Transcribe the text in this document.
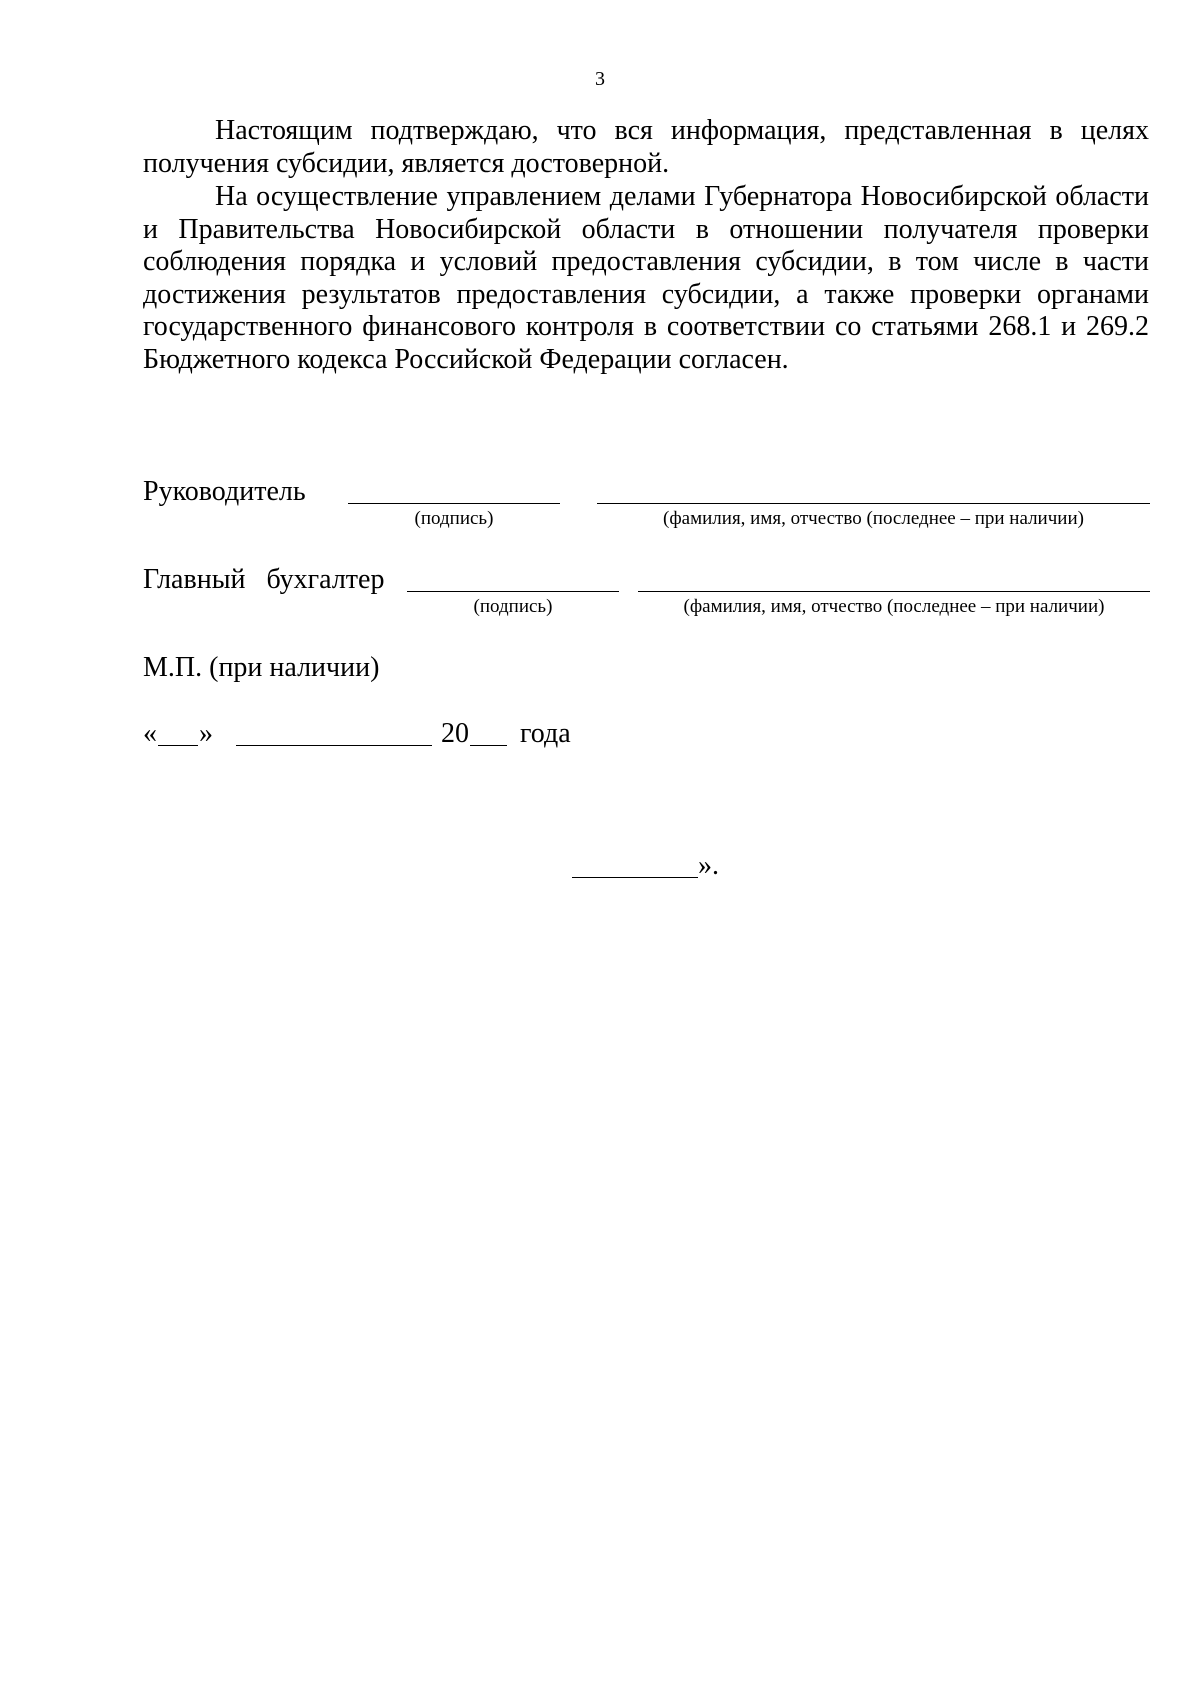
3

Настоящим подтверждаю, что вся информация, представленная в целях получения субсидии, является достоверной.

На осуществление управлением делами Губернатора Новосибирской области и Правительства Новосибирской области в отношении получателя проверки соблюдения порядка и условий предоставления субсидии, в том числе в части достижения результатов предоставления субсидии, а также проверки органами государственного финансового контроля в соответствии со статьями 268.1 и 269.2 Бюджетного кодекса Российской Федерации согласен.

Руководитель
(подпись)	(фамилия, имя, отчество (последнее – при наличии)
Главный   бухгалтер
(подпись)	(фамилия, имя, отчество (последнее – при наличии)
М.П. (при наличии)
« »	20 года
».
